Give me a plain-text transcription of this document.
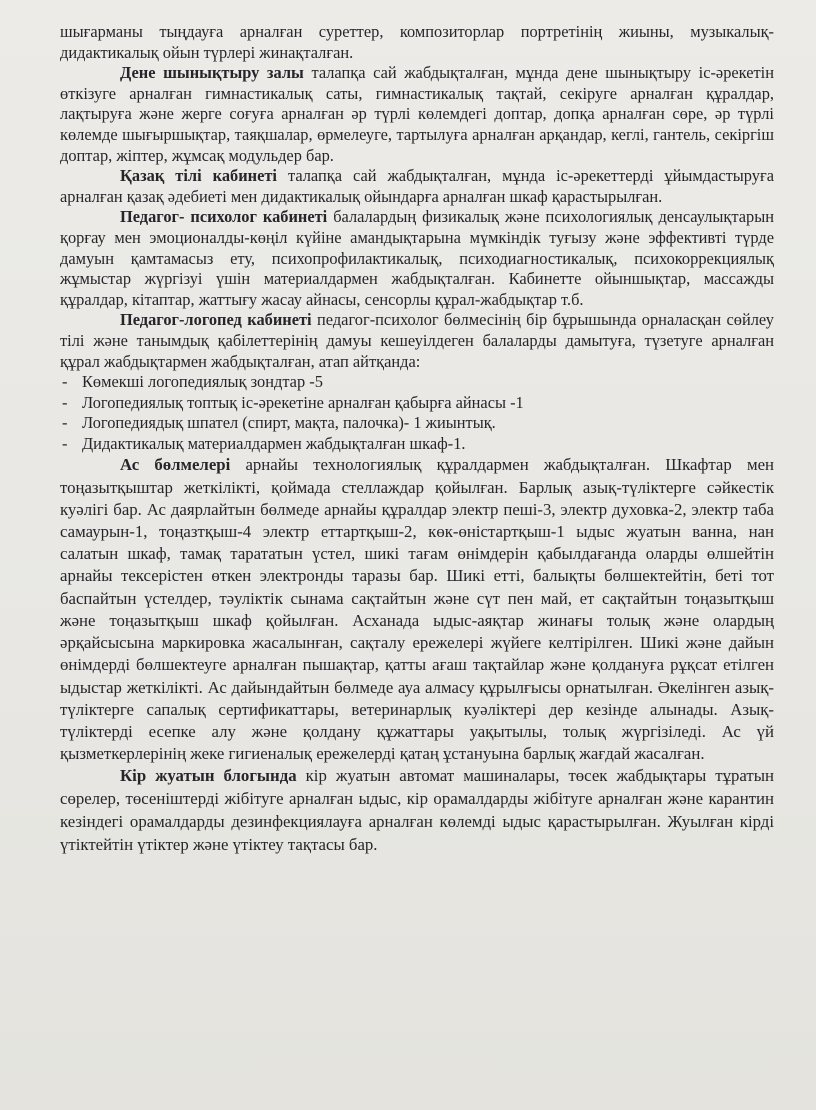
шығарманы тыңдауға арналған суреттер, композиторлар портретінің жиыны, музыкалық-дидактикалық ойын түрлері жинақталған.

Дене шынықтыру залы талапқа сай жабдықталған, мұнда дене шынықтыру іс-әрекетін өткізуге арналған гимнастикалық саты, гимнастикалық тақтай, секіруге арналған құралдар, лақтыруға және жерге соғуға арналған әр түрлі көлемдегі доптар, допқа арналған сөре, әр түрлі көлемде шығыршықтар, таяқшалар, өрмелеуге, тартылуға арналған арқандар, кеглі, гантель, секіргіш доптар, жіптер, жұмсақ модульдер бар.

Қазақ тілі кабинеті талапқа сай жабдықталған, мұнда іс-әрекеттерді ұйымдастыруға арналған қазақ әдебиеті мен дидактикалық ойындарға арналған шкаф қарастырылған.

Педагог- психолог кабинеті балалардың физикалық және психологиялық денсаулықтарын қорғау мен эмоционалды-көңіл күйіне амандықтарына мүмкіндік туғызу және эффективті түрде дамуын қамтамасыз ету, психопрофилактикалық, психодиагностикалық, психокоррекциялық жұмыстар жүргізуі үшін материалдармен жабдықталған. Кабинетте ойыншықтар, массажды құралдар, кітаптар, жаттығу жасау айнасы, сенсорлы құрал-жабдықтар т.б.

Педагог-логопед кабинеті педагог-психолог бөлмесінің бір бұрышында орналасқан сөйлеу тілі және танымдық қабілеттерінің дамуы кешеуілдеген балаларды дамытуға, түзетуге арналған құрал жабдықтармен жабдықталған, атап айтқанда:

- Көмекші логопедиялық зондтар -5
- Логопедиялық топтық іс-әрекетіне арналған қабырға айнасы -1
- Логопедиядық шпател (спирт, мақта, палочка)- 1 жиынтық.
- Дидактикалық материалдармен жабдықталған шкаф-1.

Ас бөлмелері арнайы технологиялық құралдармен жабдықталған. Шкафтар мен тоңазытқыштар жеткілікті, қоймада стеллаждар қойылған. Барлық азық-түліктерге сәйкестік куәлігі бар. Ас даярлайтын бөлмеде арнайы құралдар электр пеші-3, электр духовка-2, электр таба самаурын-1, тоңазтқыш-4 электр еттартқыш-2, көк-өністартқыш-1 ыдыс жуатын ванна, нан салатын шкаф, тамақ тарататын үстел, шикі тағам өнімдерін қабылдағанда оларды өлшейтін арнайы тексерістен өткен электронды таразы бар. Шикі етті, балықты бөлшектейтін, беті тот баспайтын үстелдер, тәуліктік сынама сақтайтын және сүт пен май, ет сақтайтын тоңазытқыш және тоңазытқыш шкаф қойылған. Асханада ыдыс-аяқтар жинағы толық және олардың әрқайсысына маркировка жасалынған, сақталу ережелері жүйеге келтірілген. Шикі және дайын өнімдерді бөлшектеуге арналған пышақтар, қатты ағаш тақтайлар және қолдануға рұқсат етілген ыдыстар жеткілікті. Ас дайындайтын бөлмеде ауа алмасу құрылғысы орнатылған. Әкелінген азық-түліктерге сапалық сертификаттары, ветеринарлық куәліктері дер кезінде алынады. Азық-түліктерді есепке алу және қолдану құжаттары уақытылы, толық жүргізіледі. Ас үй қызметкерлерінің жеке гигиеналық ережелерді қатаң ұстануына барлық жағдай жасалған.

Кір жуатын блогында кір жуатын автомат машиналары, төсек жабдықтары тұратын сөрелер, төсеніштерді жібітуге арналған ыдыс, кір орамалдарды жібітуге арналған және карантин кезіндегі орамалдарды дезинфекциялауға арналған көлемді ыдыс қарастырылған. Жуылған кірді үтіктейтін үтіктер және үтіктеу тақтасы бар.
